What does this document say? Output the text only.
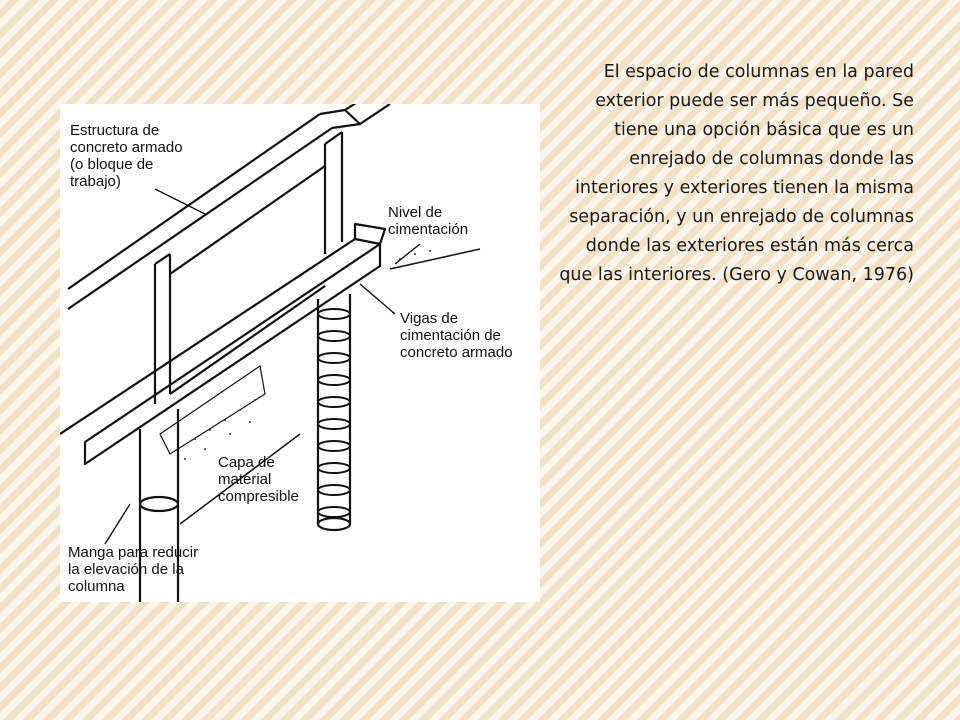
Estructura de
concreto armado
(o bloque de
trabajo)
Nivel de
cimentación
Vigas de
cimentación de
concreto armado
Capa de
material
compresible
Manga para reducir
la elevación de la
columna
El espacio de columnas en la pared exterior puede ser más pequeño. Se tiene una opción básica que es un enrejado de columnas donde las interiores y exteriores tienen la misma separación, y un enrejado de columnas donde las exteriores están más cerca que las interiores. (Gero y Cowan, 1976)
